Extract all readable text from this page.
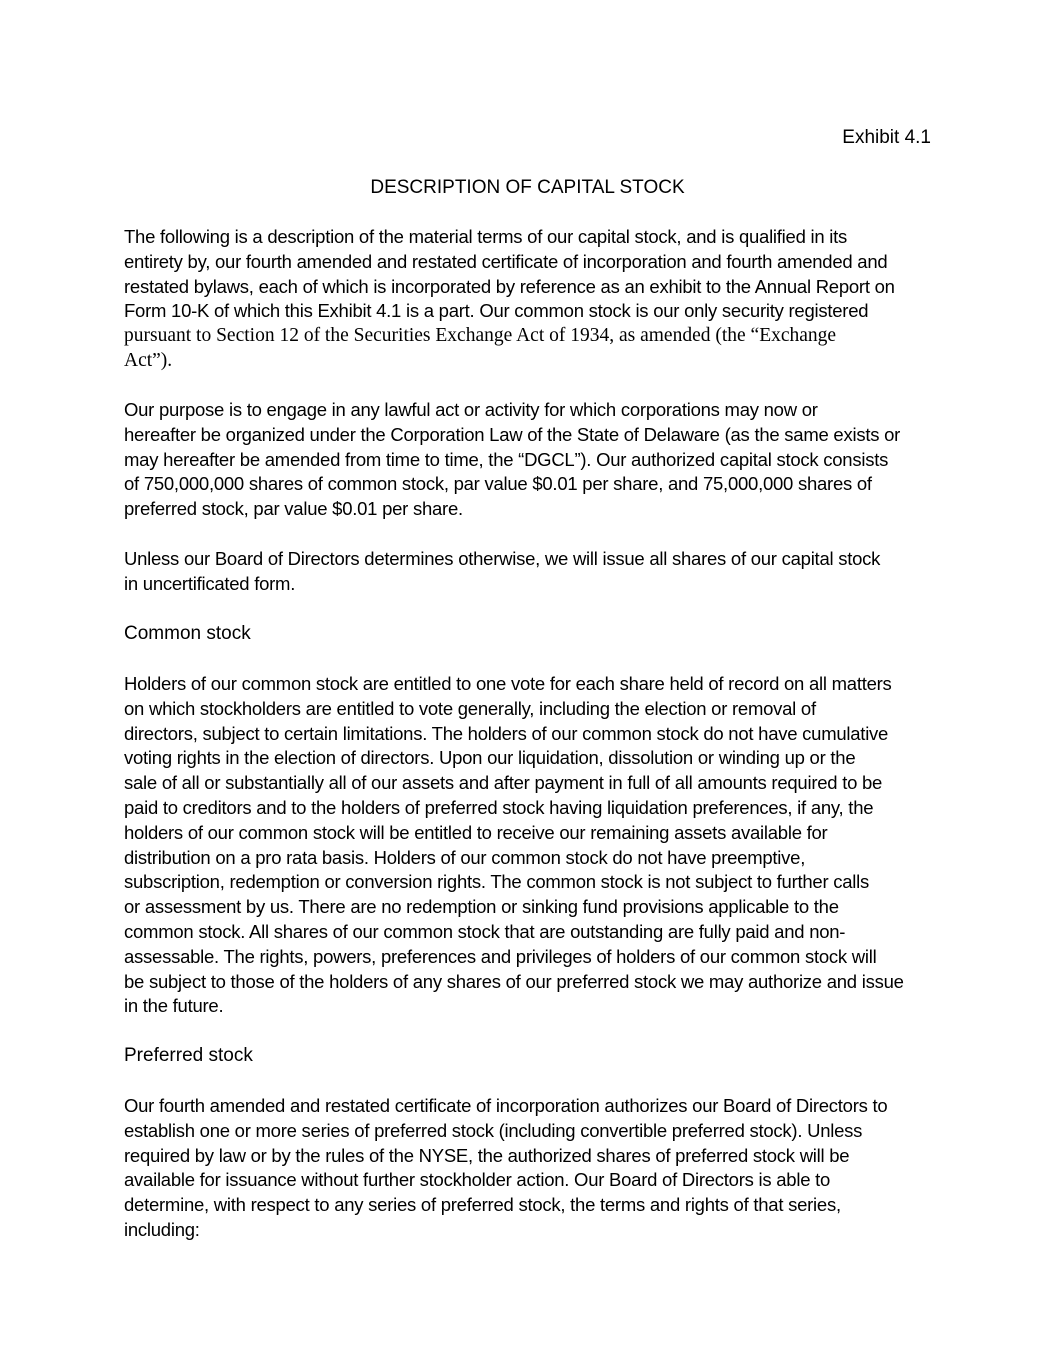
Exhibit 4.1
DESCRIPTION OF CAPITAL STOCK

The following is a description of the material terms of our capital stock, and is qualified in its
entirety by, our fourth amended and restated certificate of incorporation and fourth amended and
restated bylaws, each of which is incorporated by reference as an exhibit to the Annual Report on
Form 10-K of which this Exhibit 4.1 is a part. Our common stock is our only security registered
pursuant to Section 12 of the Securities Exchange Act of 1934, as amended (the “Exchange
Act”).

Our purpose is to engage in any lawful act or activity for which corporations may now or
hereafter be organized under the Corporation Law of the State of Delaware (as the same exists or
may hereafter be amended from time to time, the “DGCL”). Our authorized capital stock consists
of 750,000,000 shares of common stock, par value $0.01 per share, and 75,000,000 shares of
preferred stock, par value $0.01 per share.

Unless our Board of Directors determines otherwise, we will issue all shares of our capital stock
in uncertificated form.

Common stock

Holders of our common stock are entitled to one vote for each share held of record on all matters
on which stockholders are entitled to vote generally, including the election or removal of
directors, subject to certain limitations. The holders of our common stock do not have cumulative
voting rights in the election of directors. Upon our liquidation, dissolution or winding up or the
sale of all or substantially all of our assets and after payment in full of all amounts required to be
paid to creditors and to the holders of preferred stock having liquidation preferences, if any, the
holders of our common stock will be entitled to receive our remaining assets available for
distribution on a pro rata basis. Holders of our common stock do not have preemptive,
subscription, redemption or conversion rights. The common stock is not subject to further calls
or assessment by us. There are no redemption or sinking fund provisions applicable to the
common stock. All shares of our common stock that are outstanding are fully paid and non-
assessable. The rights, powers, preferences and privileges of holders of our common stock will
be subject to those of the holders of any shares of our preferred stock we may authorize and issue
in the future.

Preferred stock

Our fourth amended and restated certificate of incorporation authorizes our Board of Directors to
establish one or more series of preferred stock (including convertible preferred stock). Unless
required by law or by the rules of the NYSE, the authorized shares of preferred stock will be
available for issuance without further stockholder action. Our Board of Directors is able to
determine, with respect to any series of preferred stock, the terms and rights of that series,
including:
